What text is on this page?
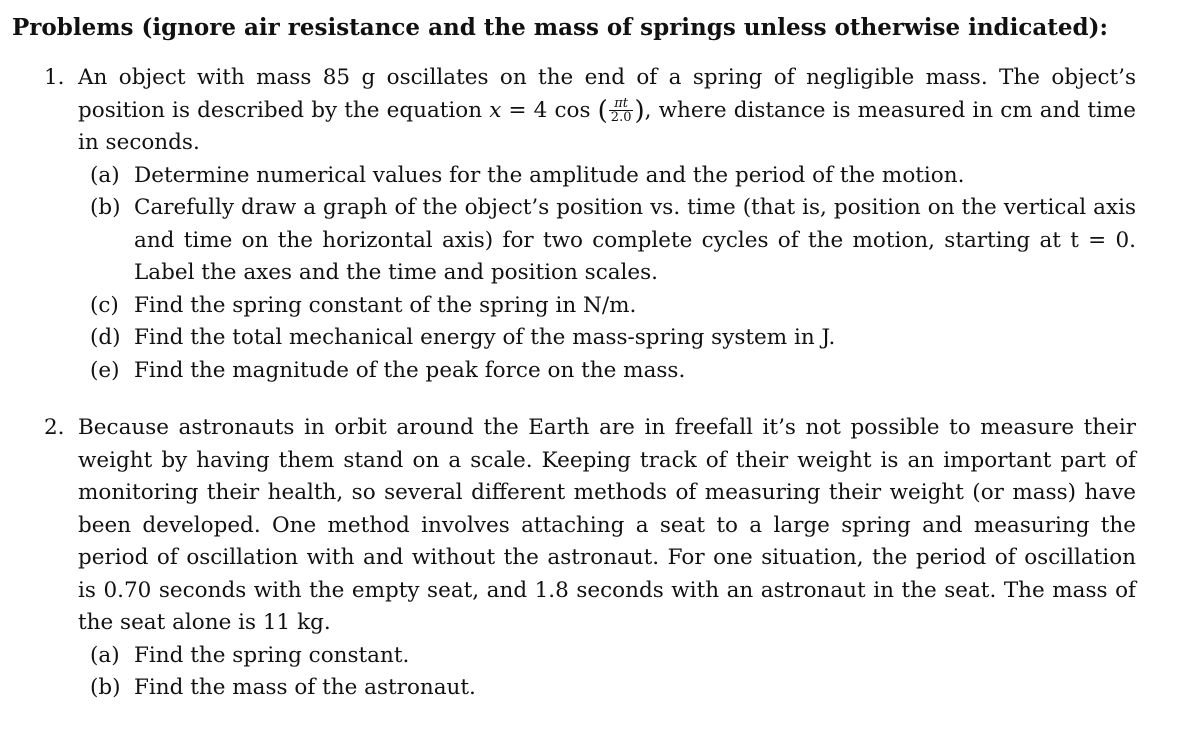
Problems (ignore air resistance and the mass of springs unless otherwise indicated):
1. An object with mass 85 g oscillates on the end of a spring of negligible mass. The object’s position is described by the equation x = 4 cos ( $\frac{\pi t}{2.0}$ ), where distance is measured in cm and time in seconds.
(a) Determine numerical values for the amplitude and the period of the motion.
(b) Carefully draw a graph of the object’s position vs. time (that is, position on the vertical axis and time on the horizontal axis) for two complete cycles of the motion, starting at t = 0. Label the axes and the time and position scales.
(c) Find the spring constant of the spring in N/m.
(d) Find the total mechanical energy of the mass-spring system in J.
(e) Find the magnitude of the peak force on the mass.
2. Because astronauts in orbit around the Earth are in freefall it’s not possible to measure their weight by having them stand on a scale. Keeping track of their weight is an important part of monitoring their health, so several different methods of measuring their weight (or mass) have been developed. One method involves attaching a seat to a large spring and measuring the period of oscillation with and without the astronaut. For one situation, the period of oscillation is 0.70 seconds with the empty seat, and 1.8 seconds with an astronaut in the seat. The mass of the seat alone is 11 kg.
(a) Find the spring constant.
(b) Find the mass of the astronaut.
